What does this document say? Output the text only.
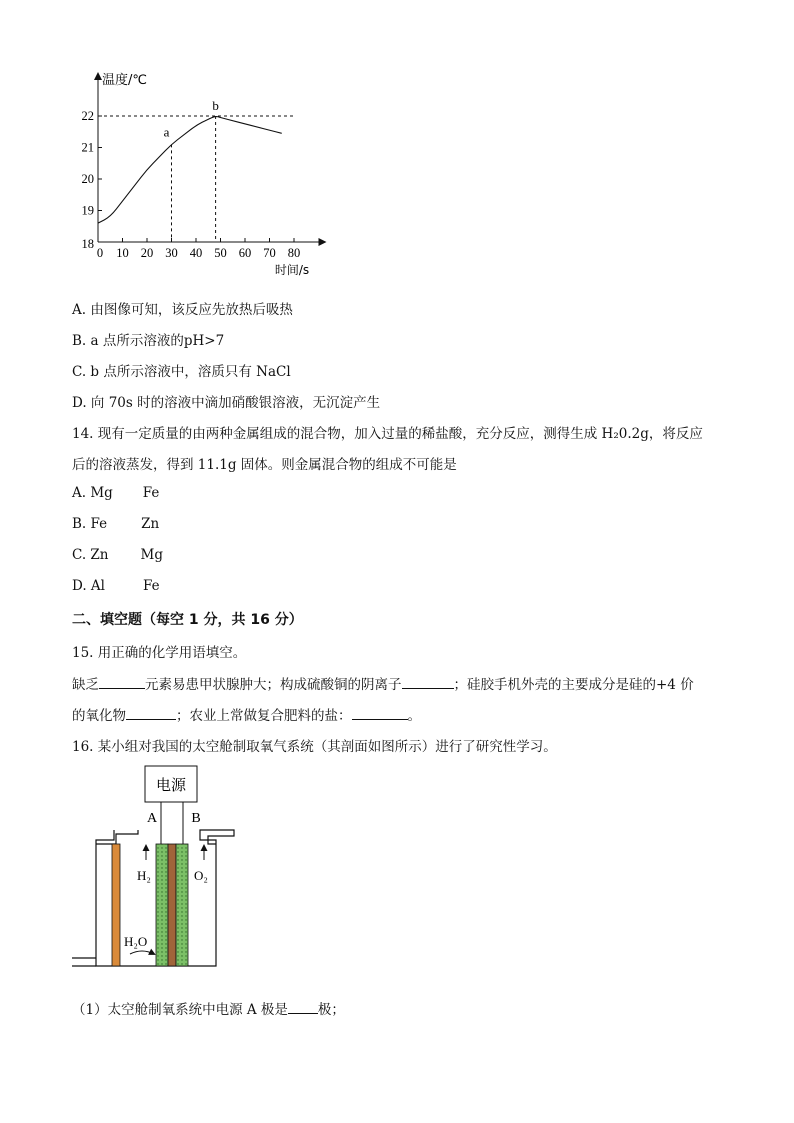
温度/℃
时间/s
0 10 20 30 40 50 60 70 80
18
19
20
21
22
a
b
A. 由图像可知，该反应先放热后吸热
B. a 点所示溶液的pH>7
C. b 点所示溶液中，溶质只有 NaCl
D. 向 70s 时的溶液中滴加硝酸银溶液，无沉淀产生
14. 现有一定质量的由两种金属组成的混合物，加入过量的稀盐酸，充分反应，测得生成 H₂0.2g，将反应
后的溶液蒸发，得到 11.1g 固体。则金属混合物的组成不可能是
A. Mg Fe
B. Fe	Zn
C. Zn Mg
D. Al	Fe
二、填空题（每空 1 分，共 16 分）
15. 用正确的化学用语填空。
缺乏	元素易患甲状腺肿大；构成硫酸铜的阴离子	；硅胶手机外壳的主要成分是硅的+4 价
的氧化物	；农业上常做复合肥料的盐：	。
16. 某小组对我国的太空舱制取氧气系统（其剖面如图所示）进行了研究性学习。
电源
A B
H₂	O₂
H₂O
（1）太空舱制氧系统中电源 A 极是 极；
